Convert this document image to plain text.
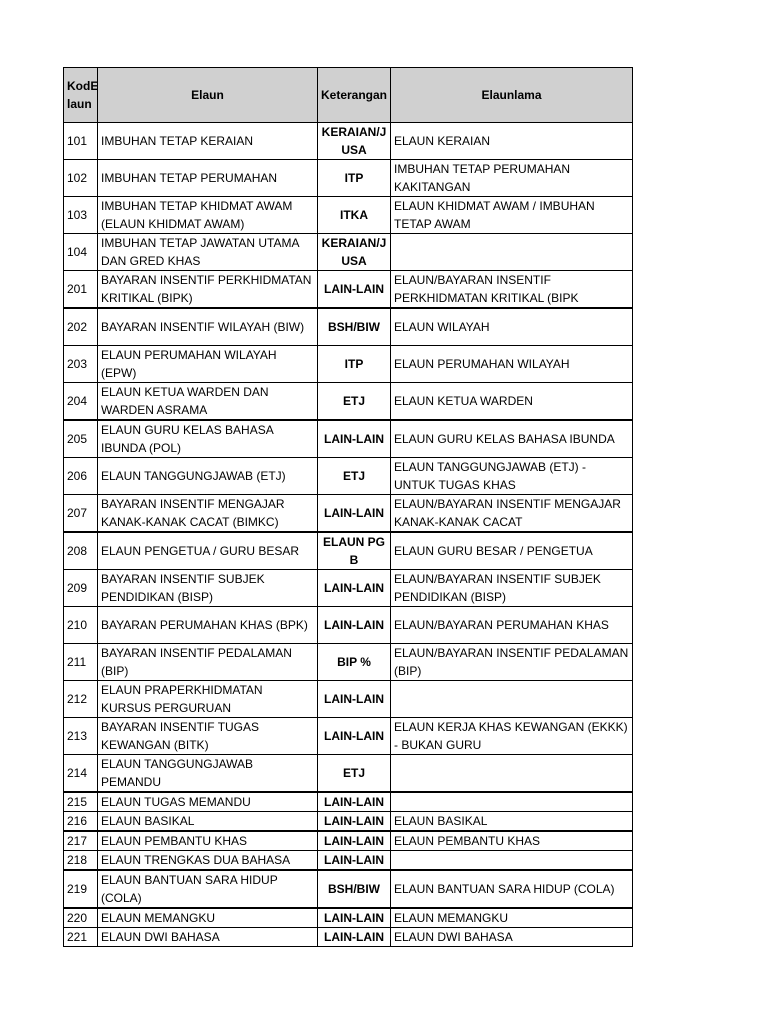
KodE laun	Elaun	Keterangan	Elaunlama
101	IMBUHAN TETAP KERAIAN	KERAIAN/JUSA	ELAUN KERAIAN
102	IMBUHAN TETAP PERUMAHAN	ITP	IMBUHAN TETAP PERUMAHAN KAKITANGAN
103	IMBUHAN TETAP KHIDMAT AWAM (ELAUN KHIDMAT AWAM)	ITKA	ELAUN KHIDMAT AWAM / IMBUHAN TETAP AWAM
104	IMBUHAN TETAP JAWATAN UTAMA DAN GRED KHAS	KERAIAN/JUSA	
201	BAYARAN INSENTIF PERKHIDMATAN KRITIKAL (BIPK)	LAIN-LAIN	ELAUN/BAYARAN INSENTIF PERKHIDMATAN KRITIKAL (BIPK
202	BAYARAN INSENTIF WILAYAH (BIW)	BSH/BIW	ELAUN WILAYAH
203	ELAUN PERUMAHAN WILAYAH (EPW)	ITP	ELAUN PERUMAHAN WILAYAH
204	ELAUN KETUA WARDEN DAN WARDEN ASRAMA	ETJ	ELAUN KETUA WARDEN
205	ELAUN GURU KELAS BAHASA IBUNDA (POL)	LAIN-LAIN	ELAUN GURU KELAS BAHASA IBUNDA
206	ELAUN TANGGUNGJAWAB (ETJ)	ETJ	ELAUN TANGGUNGJAWAB (ETJ) - UNTUK TUGAS KHAS
207	BAYARAN INSENTIF MENGAJAR KANAK-KANAK CACAT (BIMKC)	LAIN-LAIN	ELAUN/BAYARAN INSENTIF MENGAJAR KANAK-KANAK CACAT
208	ELAUN PENGETUA / GURU BESAR	ELAUN PGB	ELAUN GURU BESAR / PENGETUA
209	BAYARAN INSENTIF SUBJEK PENDIDIKAN (BISP)	LAIN-LAIN	ELAUN/BAYARAN INSENTIF SUBJEK PENDIDIKAN (BISP)
210	BAYARAN PERUMAHAN KHAS (BPK)	LAIN-LAIN	ELAUN/BAYARAN PERUMAHAN KHAS
211	BAYARAN INSENTIF PEDALAMAN (BIP)	BIP %	ELAUN/BAYARAN INSENTIF PEDALAMAN (BIP)
212	ELAUN PRAPERKHIDMATAN KURSUS PERGURUAN	LAIN-LAIN	
213	BAYARAN INSENTIF TUGAS KEWANGAN (BITK)	LAIN-LAIN	ELAUN KERJA KHAS KEWANGAN (EKKK) - BUKAN GURU
214	ELAUN TANGGUNGJAWAB PEMANDU	ETJ	
215	ELAUN TUGAS MEMANDU	LAIN-LAIN	
216	ELAUN BASIKAL	LAIN-LAIN	ELAUN BASIKAL
217	ELAUN PEMBANTU KHAS	LAIN-LAIN	ELAUN PEMBANTU KHAS
218	ELAUN TRENGKAS DUA BAHASA	LAIN-LAIN	
219	ELAUN BANTUAN SARA HIDUP (COLA)	BSH/BIW	ELAUN BANTUAN SARA HIDUP (COLA)
220	ELAUN MEMANGKU	LAIN-LAIN	ELAUN MEMANGKU
221	ELAUN DWI BAHASA	LAIN-LAIN	ELAUN DWI BAHASA
